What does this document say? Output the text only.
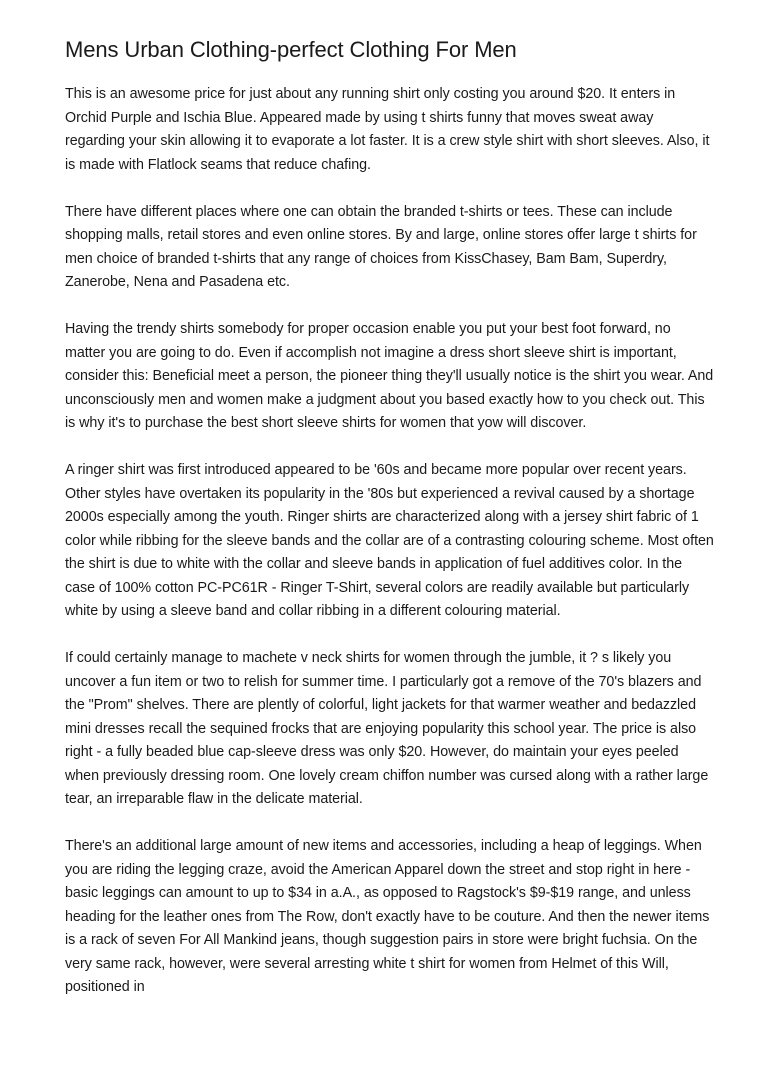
Mens Urban Clothing-perfect Clothing For Men

This is an awesome price for just about any running shirt only costing you around $20. It enters in Orchid Purple and Ischia Blue. Appeared made by using t shirts funny that moves sweat away regarding your skin allowing it to evaporate a lot faster. It is a crew style shirt with short sleeves. Also, it is made with Flatlock seams that reduce chafing.

There have different places where one can obtain the branded t-shirts or tees. These can include shopping malls, retail stores and even online stores. By and large, online stores offer large t shirts for men choice of branded t-shirts that any range of choices from KissChasey, Bam Bam, Superdry, Zanerobe, Nena and Pasadena etc.

Having the trendy shirts somebody for proper occasion enable you put your best foot forward, no matter you are going to do. Even if accomplish not imagine a dress short sleeve shirt is important, consider this: Beneficial meet a person, the pioneer thing they'll usually notice is the shirt you wear. And unconsciously men and women make a judgment about you based exactly how to you check out. This is why it's to purchase the best short sleeve shirts for women that yow will discover.

A ringer shirt was first introduced appeared to be '60s and became more popular over recent years. Other styles have overtaken its popularity in the '80s but experienced a revival caused by a shortage 2000s especially among the youth. Ringer shirts are characterized along with a jersey shirt fabric of 1 color while ribbing for the sleeve bands and the collar are of a contrasting colouring scheme. Most often the shirt is due to white with the collar and sleeve bands in application of fuel additives color. In the case of 100% cotton PC-PC61R - Ringer T-Shirt, several colors are readily available but particularly white by using a sleeve band and collar ribbing in a different colouring material.

If could certainly manage to machete v neck shirts for women through the jumble, it ? s likely you uncover a fun item or two to relish for summer time. I particularly got a remove of the 70's blazers and the "Prom" shelves. There are plently of colorful, light jackets for that warmer weather and bedazzled mini dresses recall the sequined frocks that are enjoying popularity this school year. The price is also right - a fully beaded blue cap-sleeve dress was only $20. However, do maintain your eyes peeled when previously dressing room. One lovely cream chiffon number was cursed along with a rather large tear, an irreparable flaw in the delicate material.

There's an additional large amount of new items and accessories, including a heap of leggings. When you are riding the legging craze, avoid the American Apparel down the street and stop right in here - basic leggings can amount to up to $34 in a.A., as opposed to Ragstock's $9-$19 range, and unless heading for the leather ones from The Row, don't exactly have to be couture. And then the newer items is a rack of seven For All Mankind jeans, though suggestion pairs in store were bright fuchsia. On the very same rack, however, were several arresting white t shirt for women from Helmet of this Will, positioned in
